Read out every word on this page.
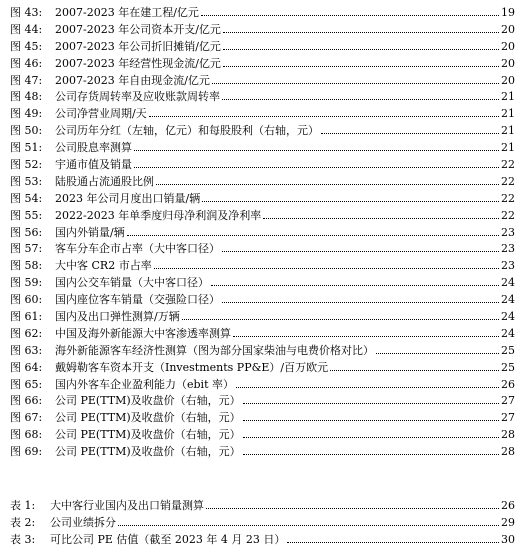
图 43:	2007-2023 年在建工程/亿元	19
图 44:	2007-2023 年公司资本开支/亿元	20
图 45:	2007-2023 年公司折旧摊销/亿元	20
图 46:	2007-2023 年经营性现金流/亿元	20
图 47:	2007-2023 年自由现金流/亿元	20
图 48:	公司存货周转率及应收账款周转率	21
图 49:	公司净营业周期/天	21
图 50:	公司历年分红（左轴，亿元）和每股股利（右轴，元）	21
图 51:	公司股息率测算	21
图 52:	宇通市值及销量	22
图 53:	陆股通占流通股比例	22
图 54:	2023 年公司月度出口销量/辆	22
图 55:	2022-2023 年单季度归母净利润及净利率	22
图 56:	国内外销量/辆	23
图 57:	客车分车企市占率（大中客口径）	23
图 58:	大中客 CR2 市占率	23
图 59:	国内公交车销量（大中客口径）	24
图 60:	国内座位客车销量（交强险口径）	24
图 61:	国内及出口弹性测算/万辆	24
图 62:	中国及海外新能源大中客渗透率测算	24
图 63:	海外新能源客车经济性测算（图为部分国家柴油与电费价格对比）	25
图 64:	戴姆勒客车资本开支（Investments PP&E）/百万欧元	25
图 65:	国内外客车企业盈利能力（ebit 率）	26
图 66:	公司 PE(TTM)及收盘价（右轴，元）	27
图 67:	公司 PE(TTM)及收盘价（右轴，元）	27
图 68:	公司 PE(TTM)及收盘价（右轴，元）	28
图 69:	公司 PE(TTM)及收盘价（右轴，元）	28
表 1:	大中客行业国内及出口销量测算	26
表 2:	公司业绩拆分	29
表 3:	可比公司 PE 估值（截至 2023 年 4 月 23 日）	30
